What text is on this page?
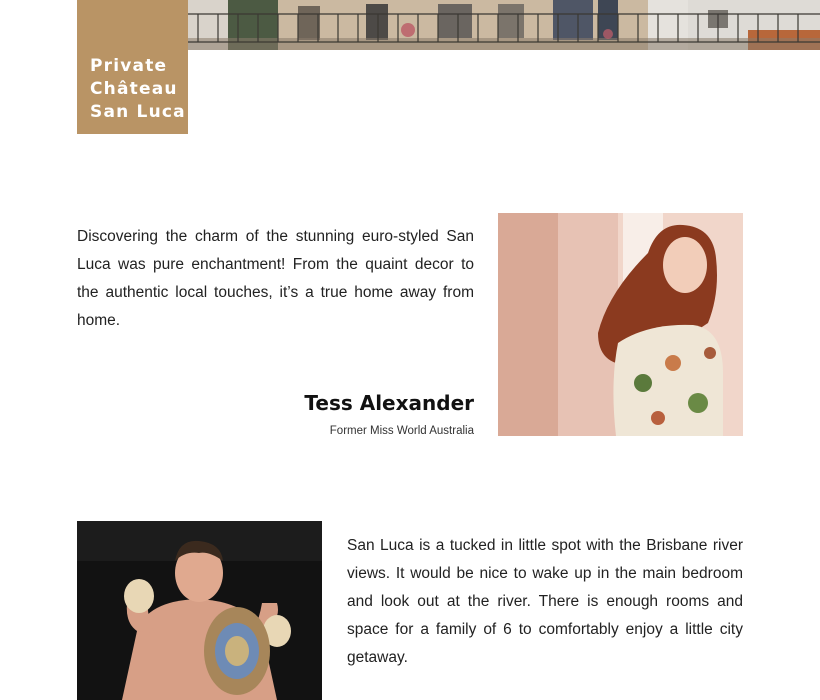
Private
Château
San Luca

Discovering the charm of the stunning euro-styled San Luca was pure enchantment! From the quaint decor to the authentic local touches, it’s a true home away from home.

Tess Alexander
Former Miss World Australia

San Luca is a tucked in little spot with the Brisbane river views. It would be nice to wake up in the main bedroom and look out at the river. There is enough rooms and space for a family of 6 to comfortably enjoy a little city getaway.
